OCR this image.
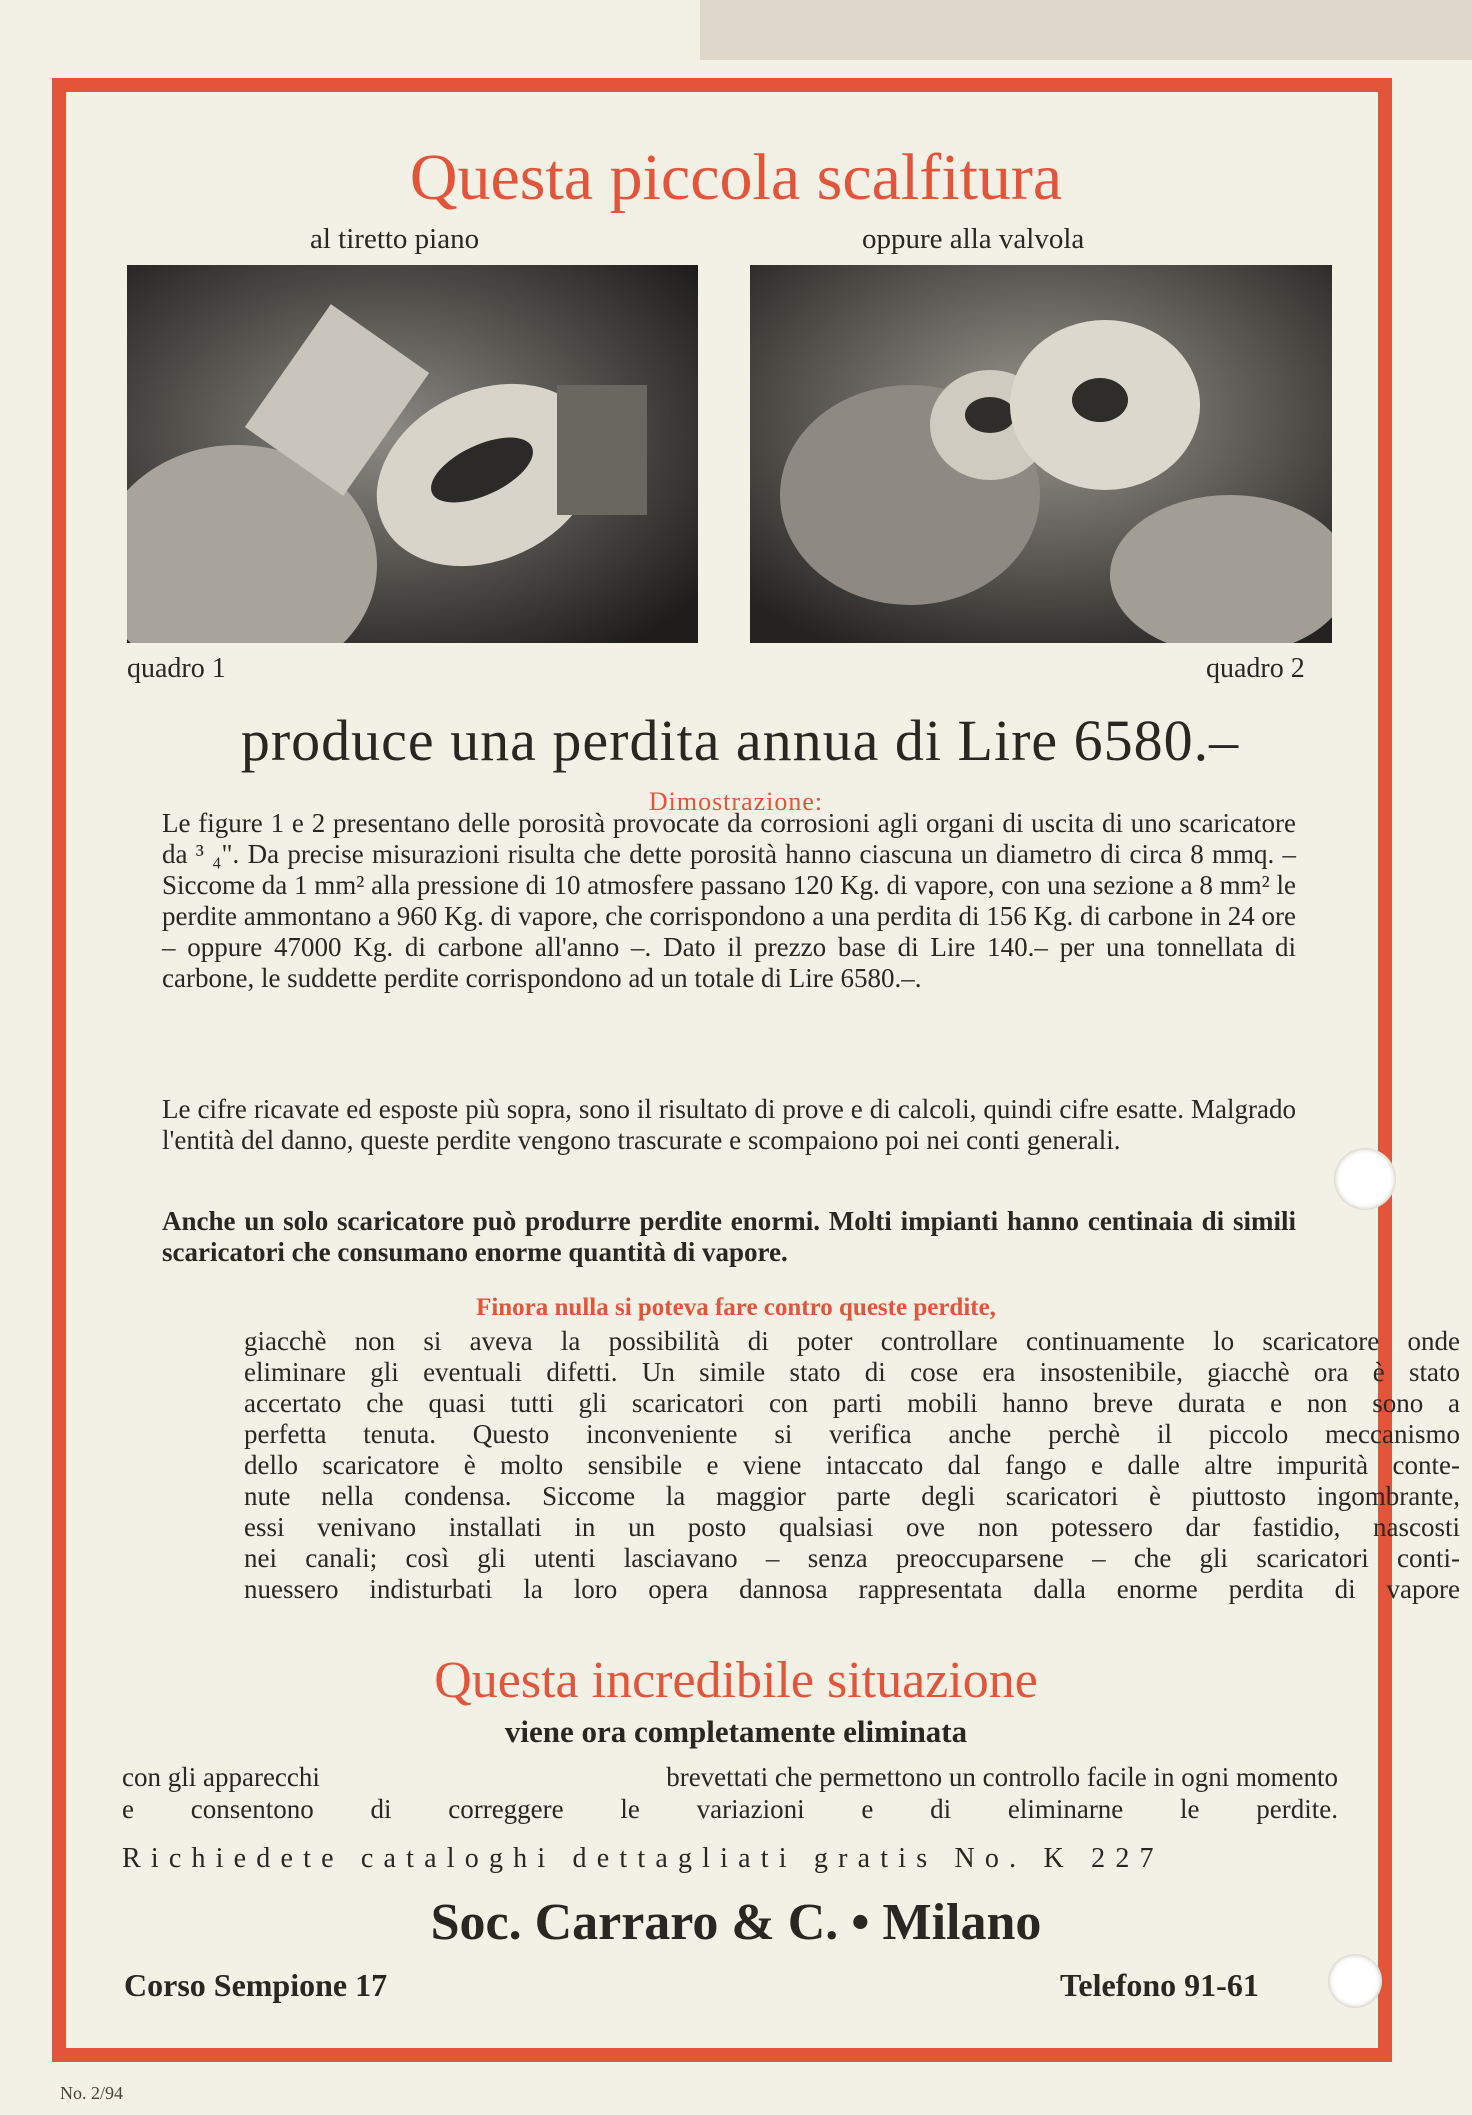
Questa piccola scalfitura
al tiretto piano	oppure alla valvola
quadro 1	quadro 2
produce una perdita annua di Lire 6580.–
Dimostrazione:

Le figure 1 e 2 presentano delle porosità provocate da corrosioni agli organi di uscita di uno scaricatore da ³ ₄". Da precise misurazioni risulta che dette porosità hanno ciascuna un diametro di circa 8 mmq. – Siccome da 1 mm² alla pressione di 10 atmosfere passano 120 Kg. di vapore, con una sezione a 8 mm² le perdite ammontano a 960 Kg. di vapore, che corrispondono a una perdita di 156 Kg. di carbone in 24 ore – oppure 47000 Kg. di carbone all'anno –. Dato il prezzo base di Lire 140.– per una tonnellata di carbone, le suddette perdite corrispondono ad un totale di Lire 6580.–.

Le cifre ricavate ed esposte più sopra, sono il risultato di prove e di calcoli, quindi cifre esatte. Malgrado l'entità del danno, queste perdite vengono trascurate e scompaiono poi nei conti generali.

Anche un solo scaricatore può produrre perdite enormi. Molti impianti hanno centinaia di simili scaricatori che consumano enorme quantità di vapore.

Finora nulla si poteva fare contro queste perdite,

giacchè non si aveva la possibilità di poter controllare continuamente lo scaricatore onde

eliminare gli eventuali difetti. Un simile stato di cose era insostenibile, giacchè ora è stato

accertato che quasi tutti gli scaricatori con parti mobili hanno breve durata e non sono a

perfetta tenuta. Questo inconveniente si verifica anche perchè il piccolo meccanismo

dello scaricatore è molto sensibile e viene intaccato dal fango e dalle altre impurità conte-

nute nella condensa. Siccome la maggior parte degli scaricatori è piuttosto ingombrante,

essi venivano installati in un posto qualsiasi ove non potessero dar fastidio, nascosti

nei canali; così gli utenti lasciavano – senza preoccuparsene – che gli scaricatori conti-

nuessero indisturbati la loro opera dannosa rappresentata dalla enorme perdita di vapore

Questa incredibile situazione
viene ora completamente eliminata
con gli apparecchi	brevettati che permettono un controllo facile in ogni momento
e consentono di correggere le variazioni e di eliminarne le perdite.
Richiedete cataloghi dettagliati gratis No. K 227
Soc. Carraro & C. • Milano
Corso Sempione 17	Telefono 91-61
No. 2/94
